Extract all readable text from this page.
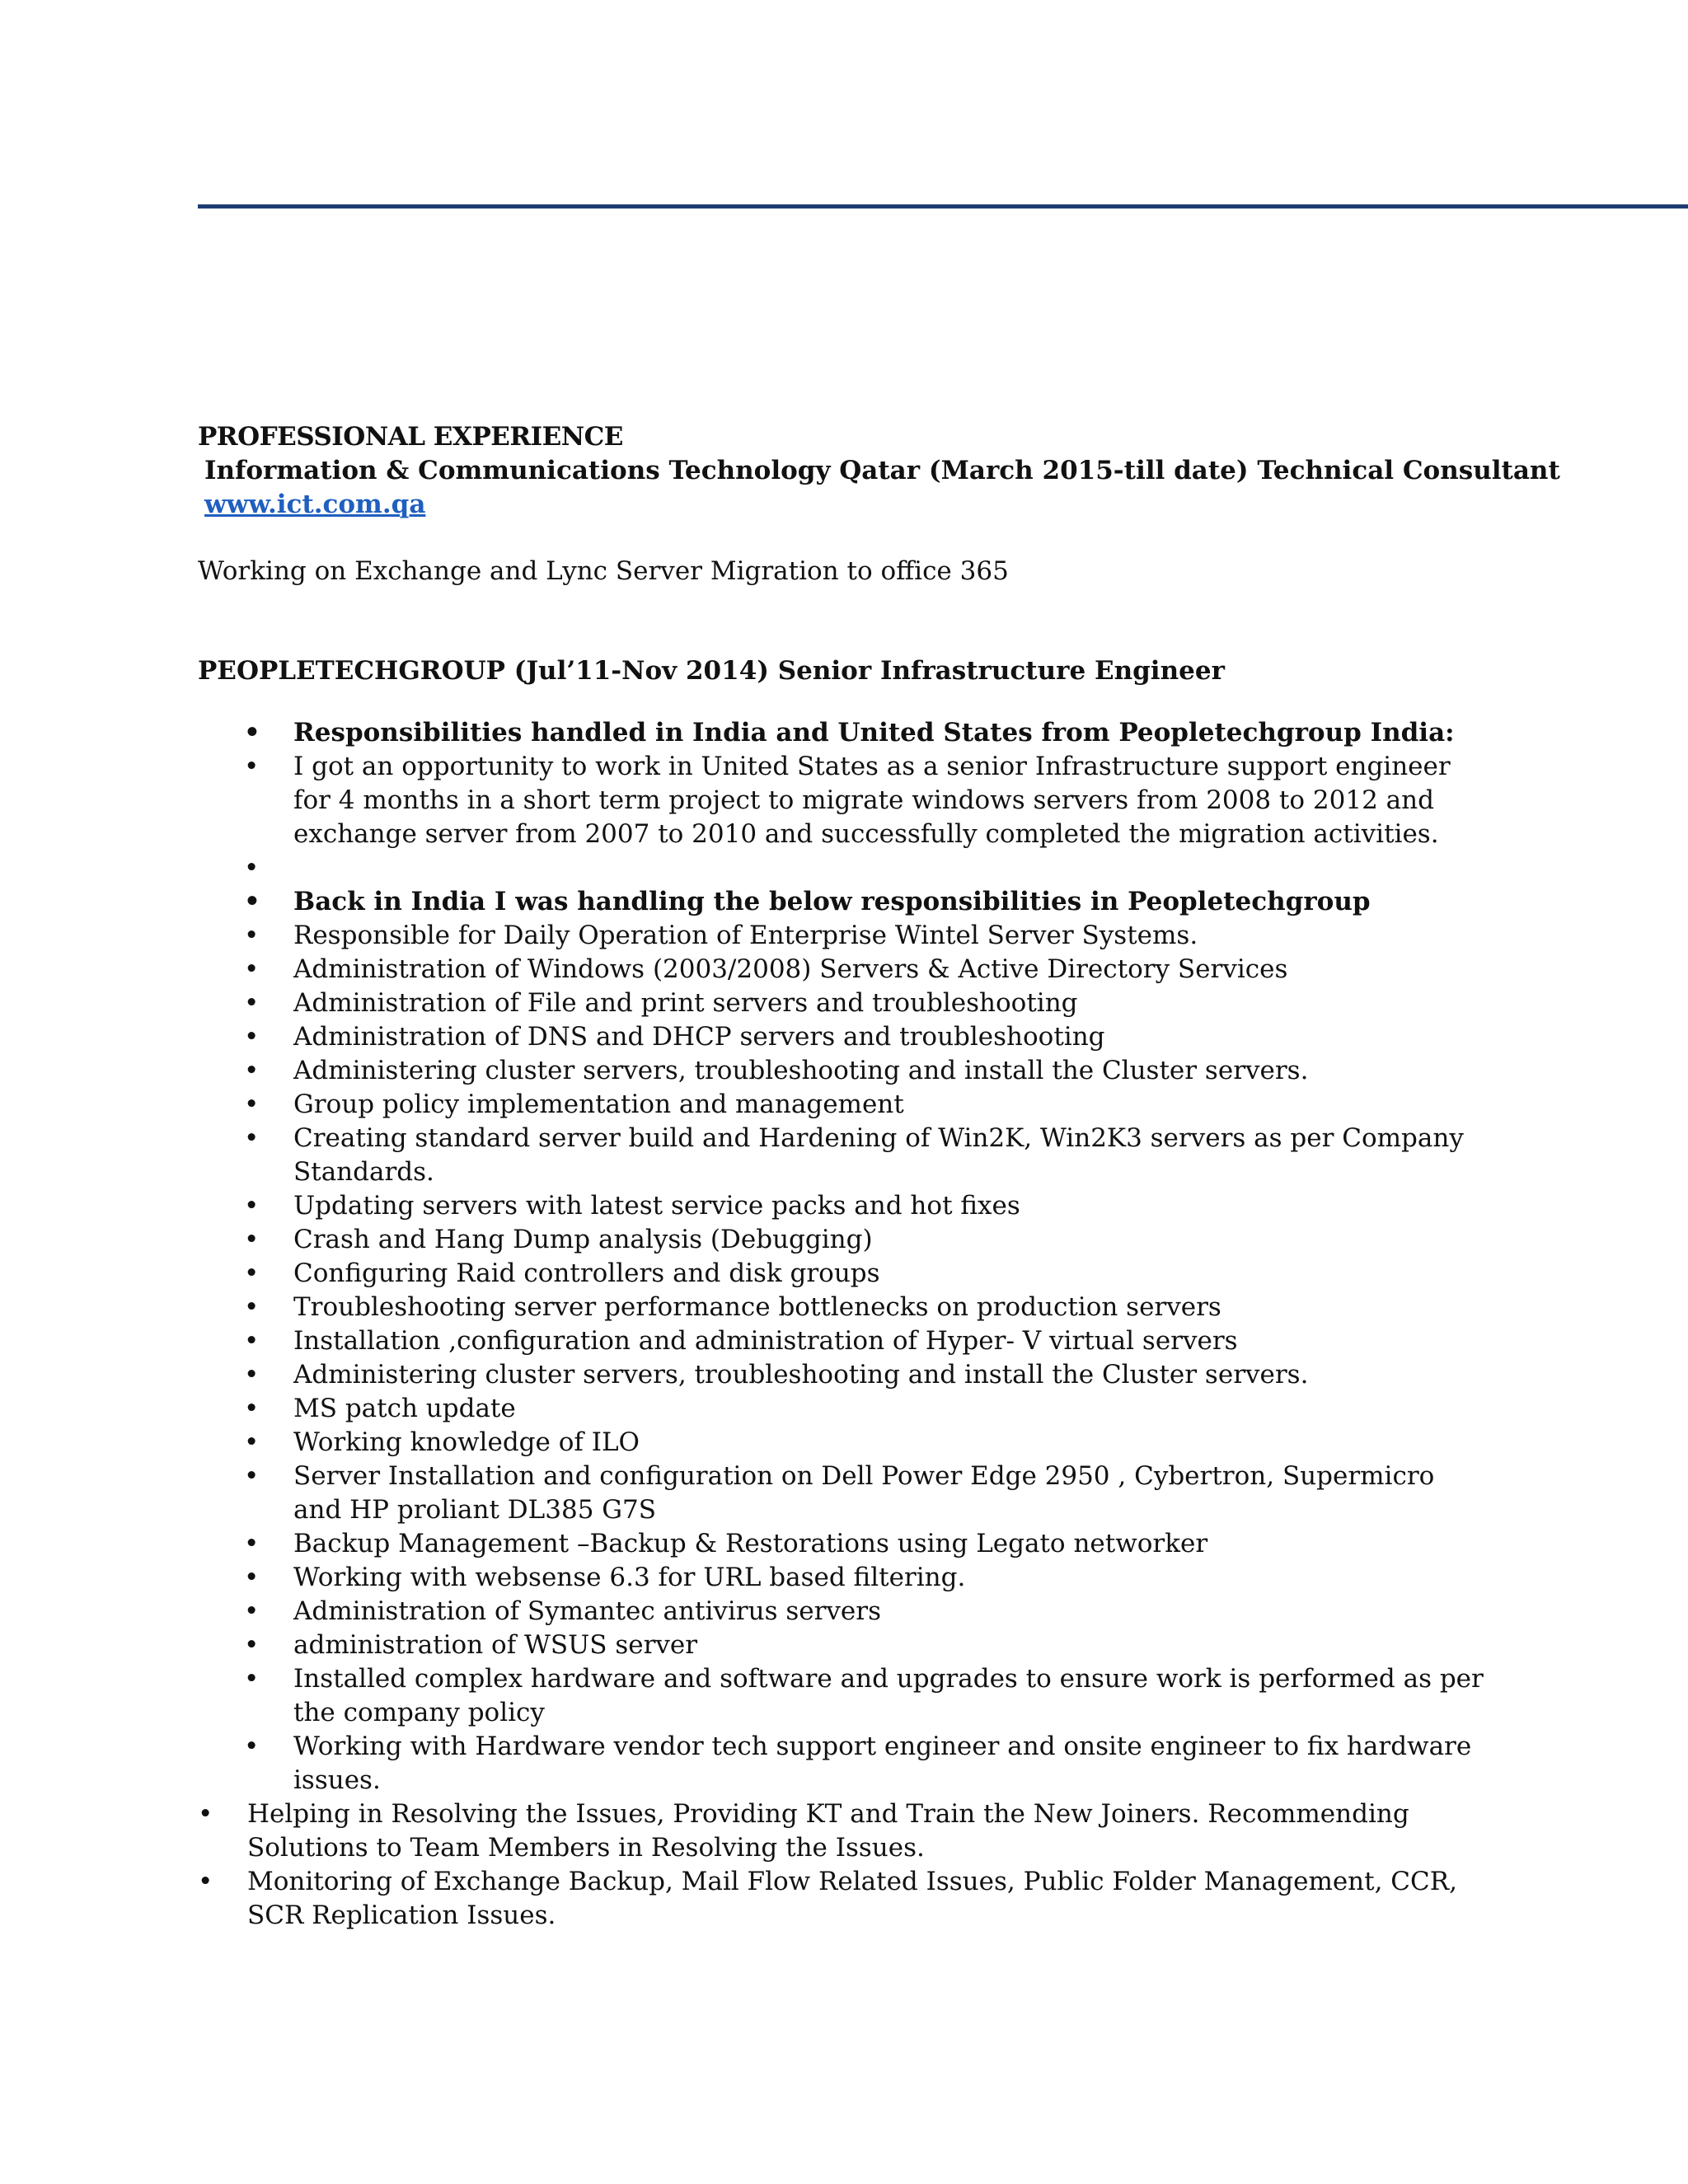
PROFESSIONAL EXPERIENCE
Information & Communications Technology Qatar (March 2015-till date) Technical Consultant
www.ict.com.qa
Working on Exchange and Lync Server Migration to office 365
PEOPLETECHGROUP (Jul’11-Nov 2014) Senior Infrastructure Engineer
• Responsibilities handled in India and United States from Peopletechgroup India:
• I got an opportunity to work in United States as a senior Infrastructure support engineer for 4 months in a short term project to migrate windows servers from 2008 to 2012 and exchange server from 2007 to 2010 and successfully completed the migration activities.
•
• Back in India I was handling the below responsibilities in Peopletechgroup
• Responsible for Daily Operation of Enterprise Wintel Server Systems.
• Administration of Windows (2003/2008) Servers & Active Directory Services
• Administration of File and print servers and troubleshooting
• Administration of DNS and DHCP servers and troubleshooting
• Administering cluster servers, troubleshooting and install the Cluster servers.
• Group policy implementation and management
• Creating standard server build and Hardening of Win2K, Win2K3 servers as per Company Standards.
• Updating servers with latest service packs and hot fixes
• Crash and Hang Dump analysis (Debugging)
• Configuring Raid controllers and disk groups
• Troubleshooting server performance bottlenecks on production servers
• Installation ,configuration and administration of Hyper- V virtual servers
• Administering cluster servers, troubleshooting and install the Cluster servers.
• MS patch update
• Working knowledge of ILO
• Server Installation and configuration on Dell Power Edge 2950 , Cybertron, Supermicro and HP proliant DL385 G7S
• Backup Management –Backup & Restorations using Legato networker
• Working with websense 6.3 for URL based filtering.
• Administration of Symantec antivirus servers
• administration of WSUS server
• Installed complex hardware and software and upgrades to ensure work is performed as per the company policy
• Working with Hardware vendor tech support engineer and onsite engineer to fix hardware issues.
• Helping in Resolving the Issues, Providing KT and Train the New Joiners. Recommending Solutions to Team Members in Resolving the Issues.
• Monitoring of Exchange Backup, Mail Flow Related Issues, Public Folder Management, CCR, SCR Replication Issues.
